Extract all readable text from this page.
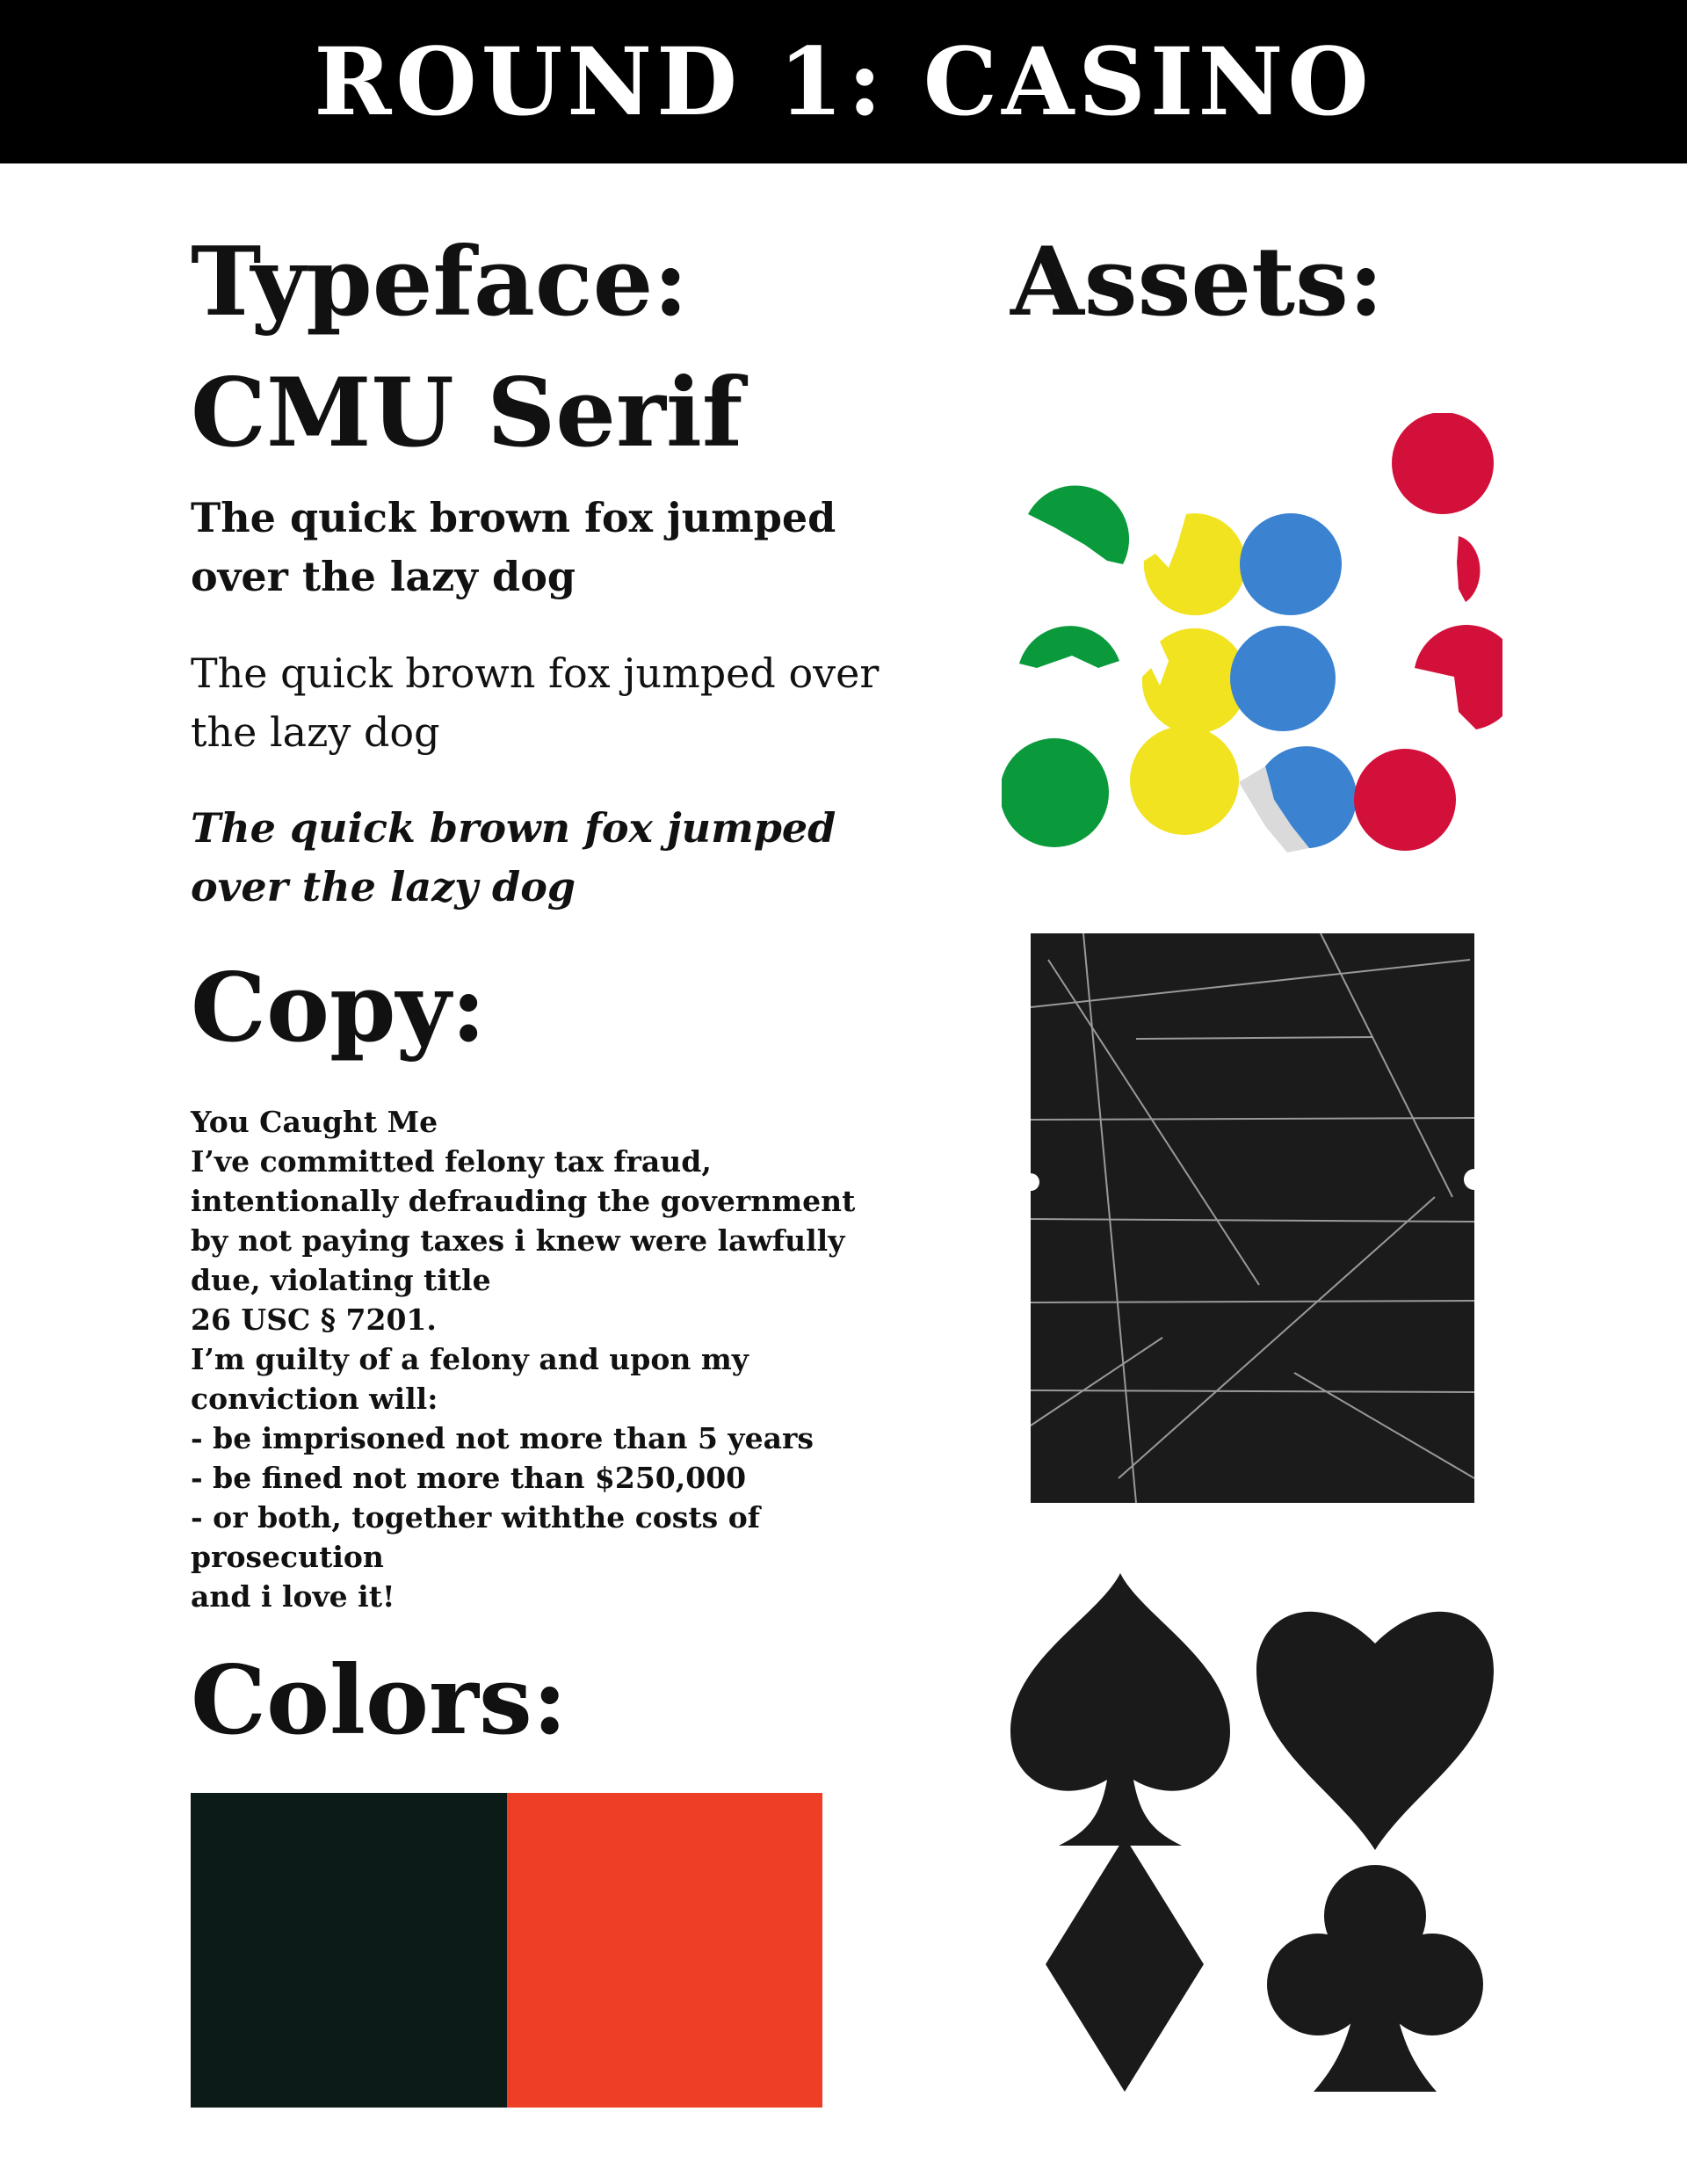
ROUND 1: CASINO
Typeface:
CMU Serif

The quick brown fox jumped over the lazy dog

The quick brown fox jumped over the lazy dog

The quick brown fox jumped over the lazy dog

Copy:
You Caught Me
I’ve committed felony tax fraud,
intentionally defrauding the government
by not paying taxes i knew were lawfully
due, violating title
26 USC § 7201.
I’m guilty of a felony and upon my
conviction will:
- be imprisoned not more than 5 years
- be fined not more than $250,000
- or both, together withthe costs of
prosecution
and i love it!
Colors:
Assets:
